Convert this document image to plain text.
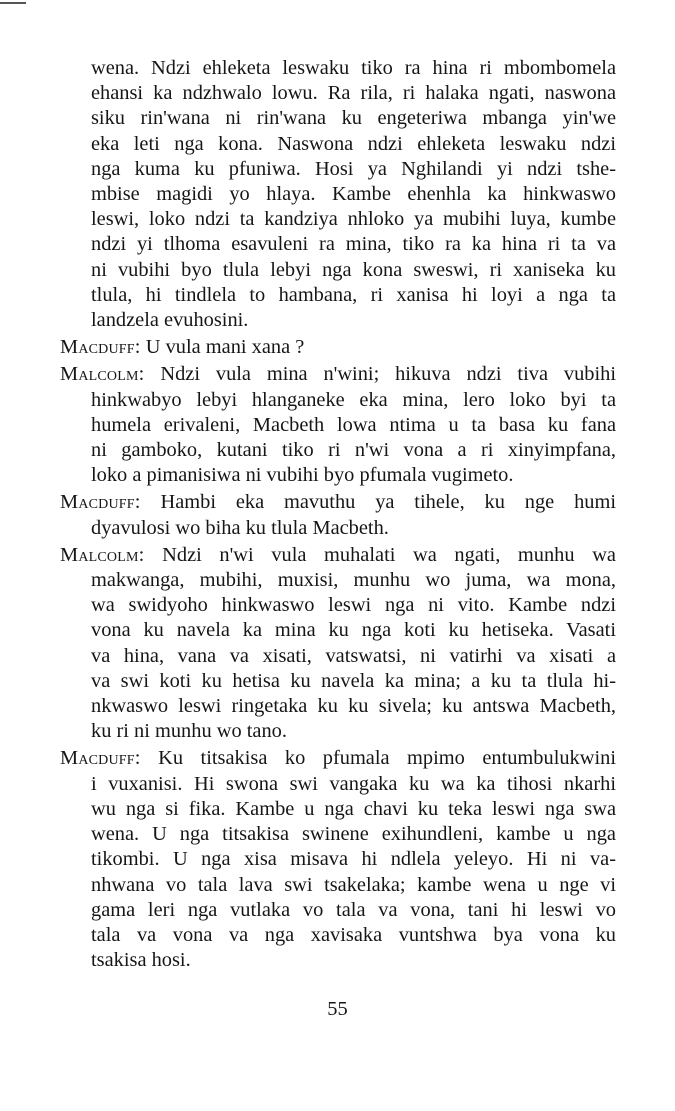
wena. Ndzi ehleketa leswaku tiko ra hina ri mbombomela
ehansi ka ndzhwalo lowu. Ra rila, ri halaka ngati, naswona
siku rin'wana ni rin'wana ku engeteriwa mbanga yin'we
eka leti nga kona. Naswona ndzi ehleketa leswaku ndzi
nga kuma ku pfuniwa. Hosi ya Nghilandi yi ndzi tshe-
mbise magidi yo hlaya. Kambe ehenhla ka hinkwaswo
leswi, loko ndzi ta kandziya nhloko ya mubihi luya, kumbe
ndzi yi tlhoma esavuleni ra mina, tiko ra ka hina ri ta va
ni vubihi byo tlula lebyi nga kona sweswi, ri xaniseka ku
tlula, hi tindlela to hambana, ri xanisa hi loyi a nga ta
landzela evuhosini.
Macduff: U vula mani xana ?
Malcolm: Ndzi vula mina n'wini; hikuva ndzi tiva vubihi
hinkwabyo lebyi hlanganeke eka mina, lero loko byi ta
humela erivaleni, Macbeth lowa ntima u ta basa ku fana
ni gamboko, kutani tiko ri n'wi vona a ri xinyimpfana,
loko a pimanisiwa ni vubihi byo pfumala vugimeto.
Macduff: Hambi eka mavuthu ya tihele, ku nge humi
dyavulosi wo biha ku tlula Macbeth.
Malcolm: Ndzi n'wi vula muhalati wa ngati, munhu wa
makwanga, mubihi, muxisi, munhu wo juma, wa mona,
wa swidyoho hinkwaswo leswi nga ni vito. Kambe ndzi
vona ku navela ka mina ku nga koti ku hetiseka. Vasati
va hina, vana va xisati, vatswatsi, ni vatirhi va xisati a
va swi koti ku hetisa ku navela ka mina; a ku ta tlula hi-
nkwaswo leswi ringetaka ku ku sivela; ku antswa Macbeth,
ku ri ni munhu wo tano.
Macduff: Ku titsakisa ko pfumala mpimo entumbulukwini
i vuxanisi. Hi swona swi vangaka ku wa ka tihosi nkarhi
wu nga si fika. Kambe u nga chavi ku teka leswi nga swa
wena. U nga titsakisa swinene exihundleni, kambe u nga
tikombi. U nga xisa misava hi ndlela yeleyo. Hi ni va-
nhwana vo tala lava swi tsakelaka; kambe wena u nge vi
gama leri nga vutlaka vo tala va vona, tani hi leswi vo
tala va vona va nga xavisaka vuntshwa bya vona ku
tsakisa hosi.
55
